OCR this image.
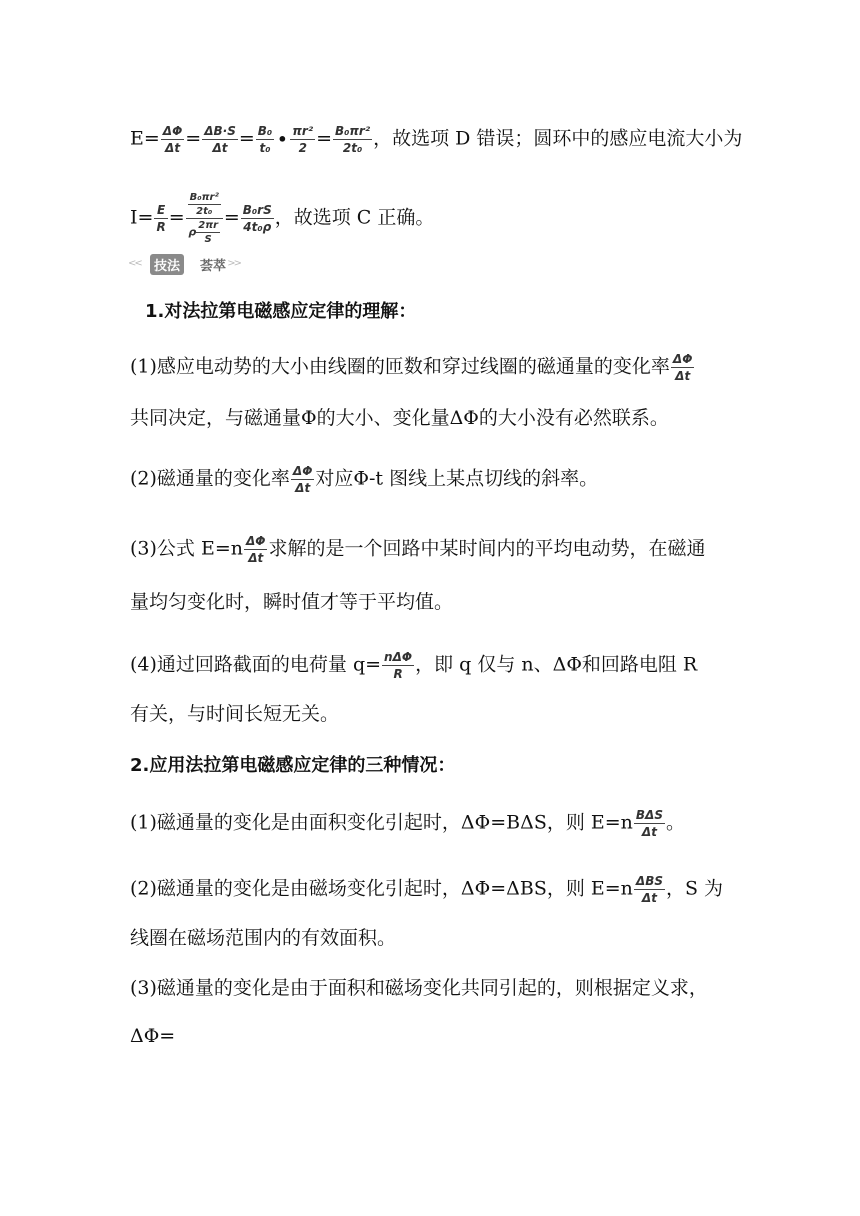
$E= \frac{\Delta\Phi}{\Delta t} = \frac{\Delta B\cdot S}{\Delta t} = \frac{\text{B₀}}{\text{t₀}}$ • $\frac{\text{πr²}}{2} = \frac{\text{B₀πr²}}{\text{2t₀}}$ ，故选项 D 错误；圆环中的感应电流大小为
$I= \frac{E}{R} = \frac{\frac{\text{B₀πr²}}{\text{2t₀}}}{\rho \frac{2\pi r}{S}} = \frac{\text{B₀rS}}{\text{4t₀ρ}}$ ，故选项 C 正确。
<<	技法	荟萃 >>
1.对法拉第电磁感应定律的理解：
(1)感应电动势的大小由线圈的匝数和穿过线圈的磁通量的变化率 $\frac{\Delta\Phi}{\Delta t}$
共同决定，与磁通量Φ的大小、变化量ΔΦ的大小没有必然联系。
(2)磁通量的变化率 $\frac{\Delta\Phi}{\Delta t}$ 对应Φ-t 图线上某点切线的斜率。
(3)公式 $E=n \frac{\Delta\Phi}{\Delta t}$ 求解的是一个回路中某时间内的平均电动势，在磁通
量均匀变化时，瞬时值才等于平均值。
(4)通过回路截面的电荷量 $q= \frac{\text{nΔΦ}}{R}$ ，即 q 仅与 n、ΔΦ和回路电阻 R
有关，与时间长短无关。
2.应用法拉第电磁感应定律的三种情况：
(1)磁通量的变化是由面积变化引起时，ΔΦ=BΔS，则 $E=n \frac{\text{BΔS}}{\Delta t}$ 。
(2)磁通量的变化是由磁场变化引起时，ΔΦ=ΔBS，则 $E=n \frac{\text{ΔBS}}{\Delta t}$ ，S 为
线圈在磁场范围内的有效面积。
(3)磁通量的变化是由于面积和磁场变化共同引起的，则根据定义求，
ΔΦ=
